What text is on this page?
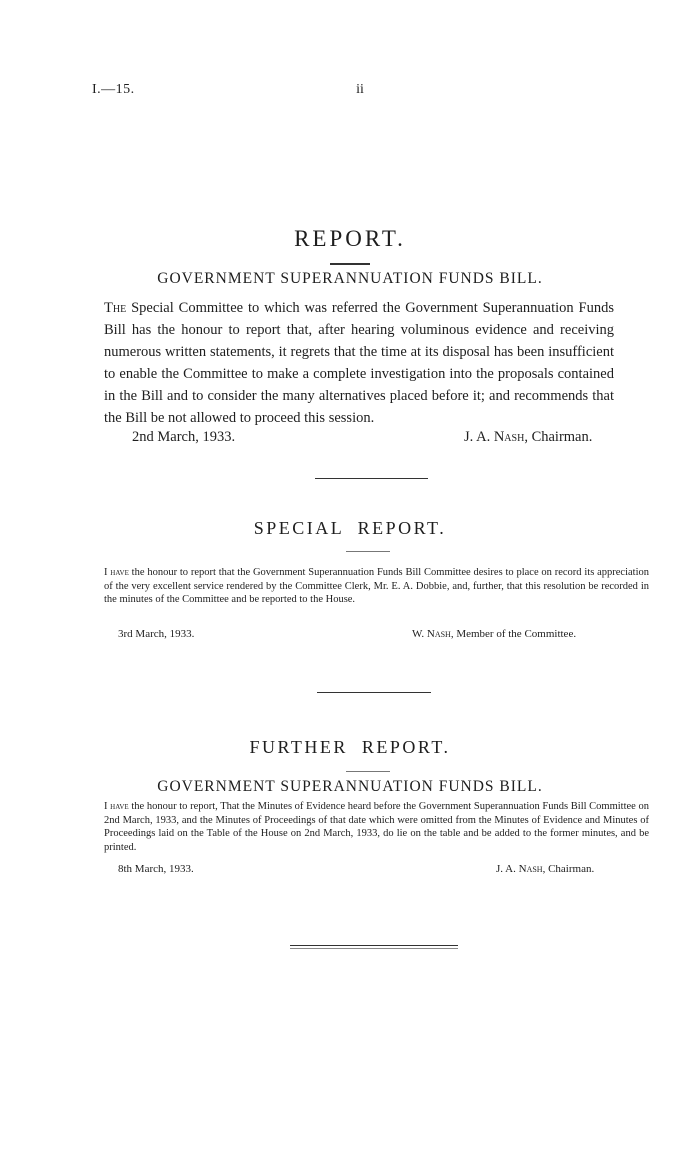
I.—15.	ii
REPORT.
GOVERNMENT SUPERANNUATION FUNDS BILL.
The Special Committee to which was referred the Government Superannuation Funds Bill has the honour to report that, after hearing voluminous evidence and receiving numerous written statements, it regrets that the time at its disposal has been insufficient to enable the Committee to make a complete investigation into the proposals contained in the Bill and to consider the many alternatives placed before it; and recommends that the Bill be not allowed to proceed this session.
2nd March, 1933.	J. A. Nash, Chairman.
SPECIAL  REPORT.
I have the honour to report that the Government Superannuation Funds Bill Committee desires to place on record its appreciation of the very excellent service rendered by the Committee Clerk, Mr. E. A. Dobbie, and, further, that this resolution be recorded in the minutes of the Committee and be reported to the House.
3rd March, 1933.	W. Nash, Member of the Committee.
FURTHER  REPORT.
GOVERNMENT SUPERANNUATION FUNDS BILL.
I have the honour to report, That the Minutes of Evidence heard before the Government Superannuation Funds Bill Committee on 2nd March, 1933, and the Minutes of Proceedings of that date which were omitted from the Minutes of Evidence and Minutes of Proceedings laid on the Table of the House on 2nd March, 1933, do lie on the table and be added to the former minutes, and be printed.
8th March, 1933.	J. A. Nash, Chairman.
